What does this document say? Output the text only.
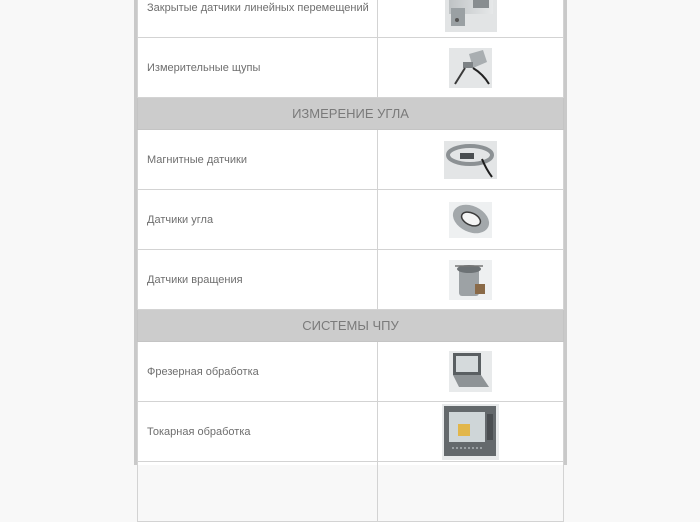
Закрытые датчики линейных перемещений	

Измерительные щупы	

ИЗМЕРЕНИЕ УГЛА	
Магнитные датчики	

Датчики угла	

Датчики вращения	

СИСТЕМЫ ЧПУ	
Фрезерная обработка	

Токарная обработка	
